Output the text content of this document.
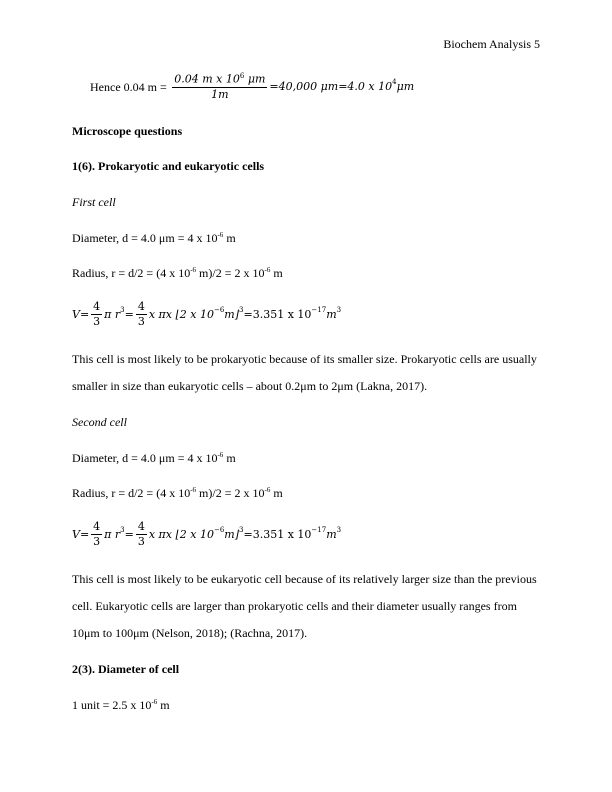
Biochem Analysis 5
Hence 0.04 m =
$\frac{0.04 m x 10^6 \mu m}{1m} =40,000$ μm=4.0 x $10^4$ μm
Microscope questions
1(6). Prokaryotic and eukaryotic cells
First cell
Diameter, d = 4.0 μm = 4 x $10^{-6}$ m
Radius, r = d/2 = (4 x $10^{-6}$ m)/2 = 2 x $10^{-6}$ m
$V= \frac{4}{3}$ π $r^3 = \frac{4}{3}$ x πx ⌊2 x $10^{-6}$ m⌋$^3$ =3.351 x $10^{-17}$ $m^3$
This cell is most likely to be prokaryotic because of its smaller size. Prokaryotic cells are usually
smaller in size than eukaryotic cells – about 0.2μm to 2μm (Lakna, 2017).
Second cell
Diameter, d = 4.0 μm = 4 x $10^{-6}$ m
Radius, r = d/2 = (4 x $10^{-6}$ m)/2 = 2 x $10^{-6}$ m
$V= \frac{4}{3}$ π $r^3 = \frac{4}{3}$ x πx ⌊2 x $10^{-6}$ m⌋$^3$ =3.351 x $10^{-17}$ $m^3$
This cell is most likely to be eukaryotic cell because of its relatively larger size than the previous
cell. Eukaryotic cells are larger than prokaryotic cells and their diameter usually ranges from
10μm to 100μm (Nelson, 2018); (Rachna, 2017).
2(3). Diameter of cell
1 unit = 2.5 x $10^{-6}$ m
